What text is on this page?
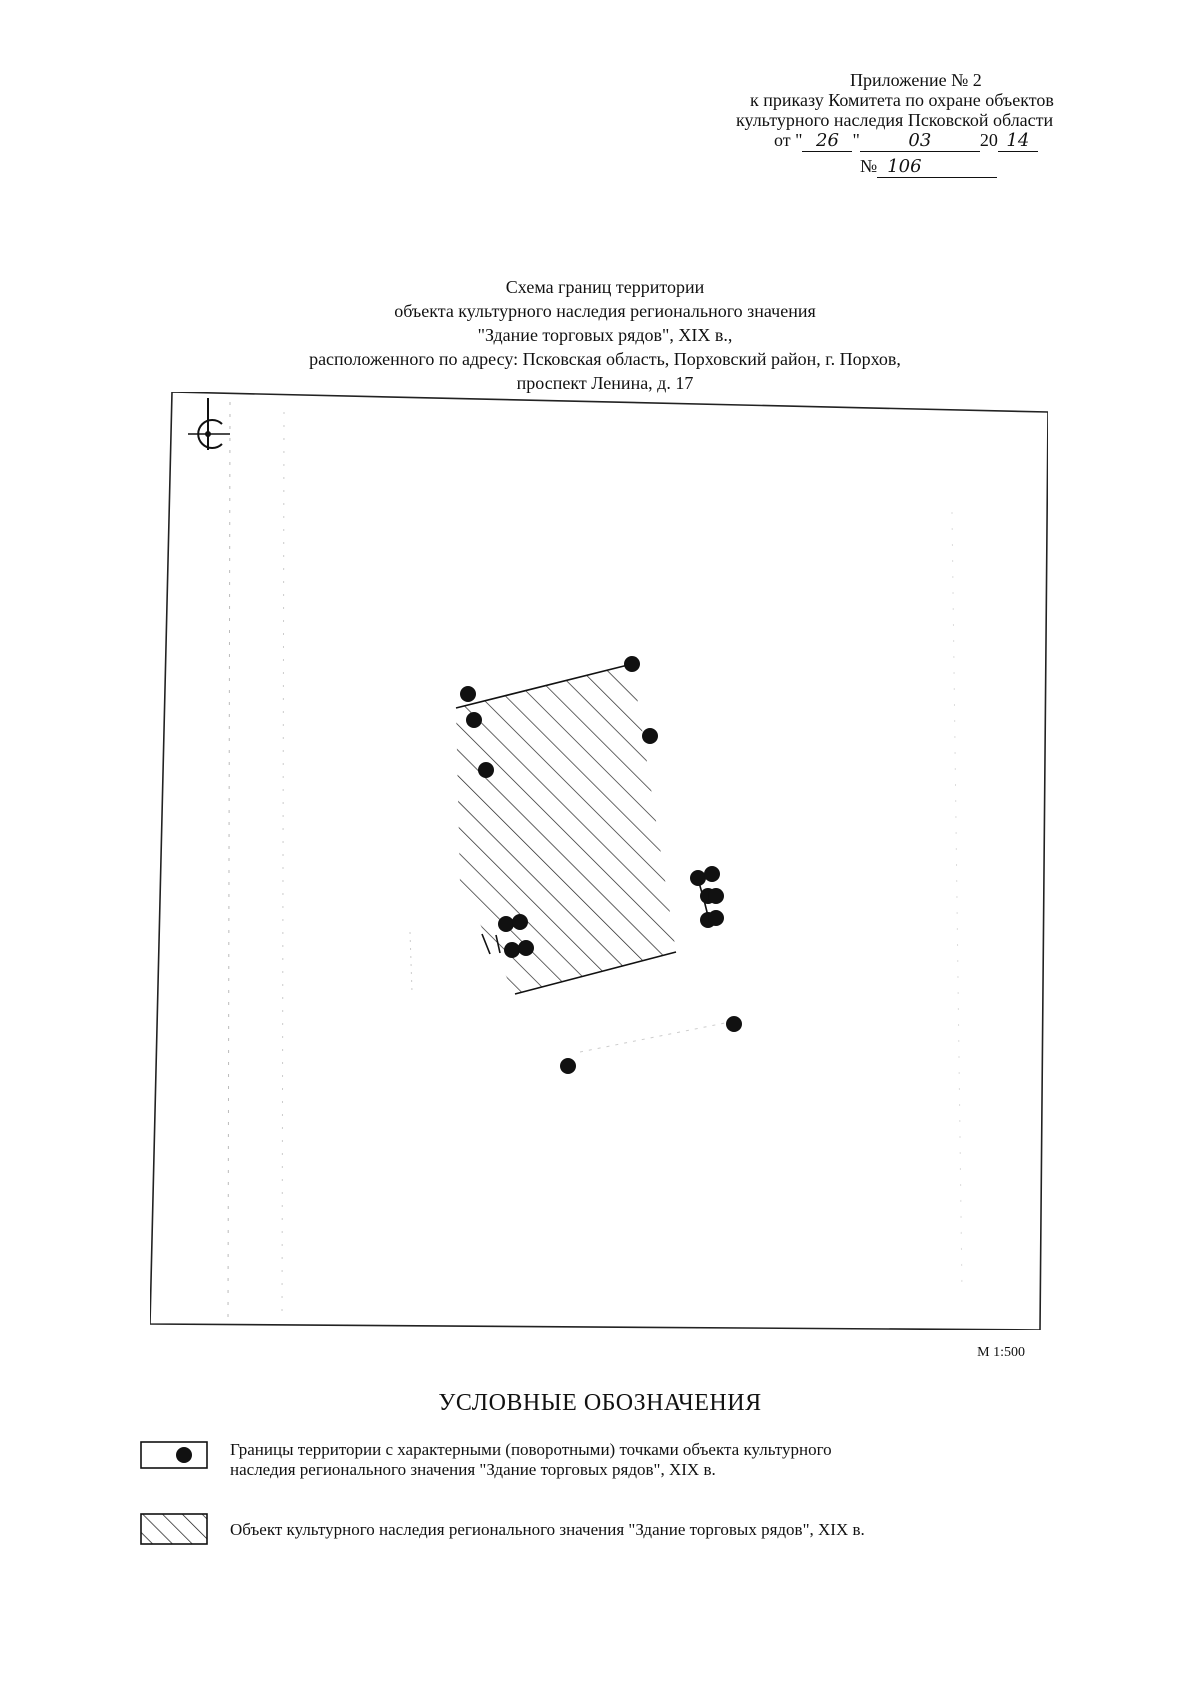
Приложение № 2
к приказу Комитета по охране объектов
культурного наследия Псковской области
от " 26 "	03	20 14
№ 106
Схема границ территории
объекта культурного наследия регионального значения
"Здание торговых рядов", XIX в.,
расположенного по адресу: Псковская область, Порховский район, г. Порхов,
проспект Ленина, д. 17
М 1:500
УСЛОВНЫЕ ОБОЗНАЧЕНИЯ
Границы территории с характерными (поворотными) точками объекта культурного
наследия регионального значения "Здание торговых рядов", XIX в.
Объект культурного наследия регионального значения "Здание торговых рядов", XIX в.
